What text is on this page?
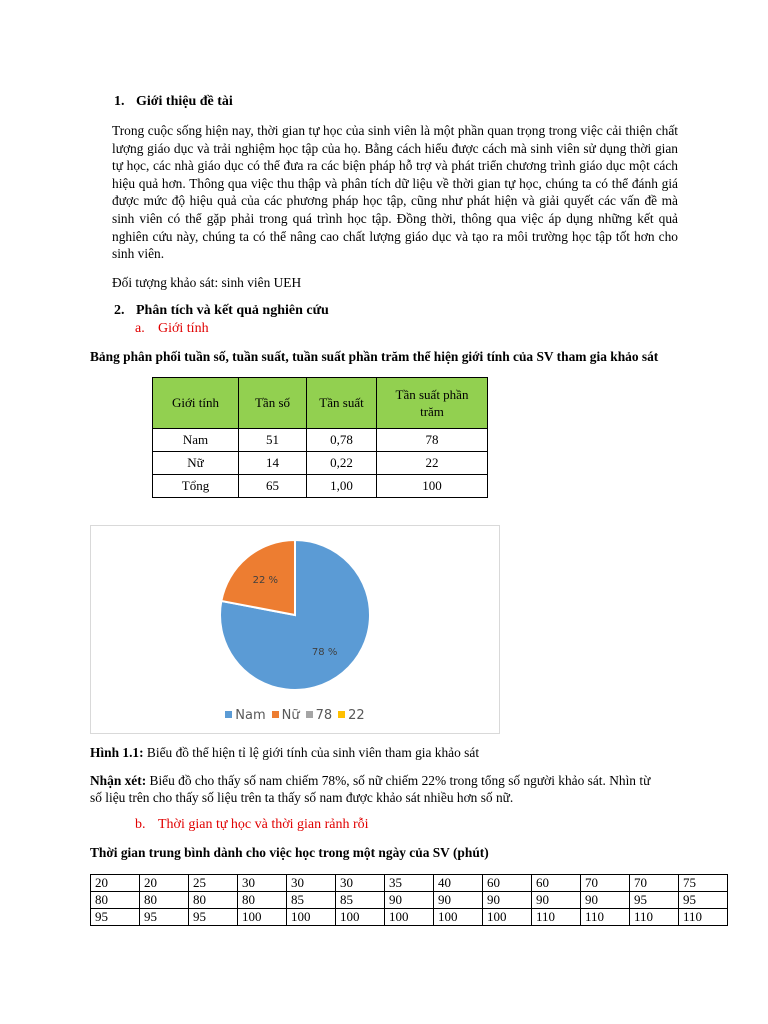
1. Giới thiệu đề tài
Trong cuộc sống hiện nay, thời gian tự học của sinh viên là một phần quan trọng trong việc cải thiện chất lượng giáo dục và trải nghiệm học tập của họ. Bằng cách hiểu được cách mà sinh viên sử dụng thời gian tự học, các nhà giáo dục có thể đưa ra các biện pháp hỗ trợ và phát triển chương trình giáo dục một cách hiệu quả hơn. Thông qua việc thu thập và phân tích dữ liệu về thời gian tự học, chúng ta có thể đánh giá được mức độ hiệu quả của các phương pháp học tập, cũng như phát hiện và giải quyết các vấn đề mà sinh viên có thể gặp phải trong quá trình học tập. Đồng thời, thông qua việc áp dụng những kết quả nghiên cứu này, chúng ta có thể nâng cao chất lượng giáo dục và tạo ra môi trường học tập tốt hơn cho sinh viên.
Đối tượng khảo sát: sinh viên UEH
2. Phân tích và kết quả nghiên cứu
a. Giới tính
Bảng phân phối tuần số, tuần suất, tuần suất phần trăm thể hiện giới tính của SV tham gia khảo sát
Giới tính	Tần số	Tần suất	Tần suất phần trăm

Nam	51	0,78	78
Nữ	14	0,22	22
Tổng	65	1,00	100
78 %
22 %
Nam Nữ 78 22
Hình 1.1: Biểu đồ thể hiện tỉ lệ giới tính của sinh viên tham gia khảo sát
Nhận xét: Biểu đồ cho thấy số nam chiếm 78%, số nữ chiếm 22% trong tổng số người khảo sát. Nhìn từ
số liệu trên cho thấy số liệu trên ta thấy số nam được khảo sát nhiều hơn số nữ.
b. Thời gian tự học và thời gian rảnh rỗi
Thời gian trung bình dành cho việc học trong một ngày của SV (phút)
20	20	25	30	30	30	35	40	60	60	70	70	75
80	80	80	80	85	85	90	90	90	90	90	95	95
95	95	95	100	100	100	100	100	100	110	110	110	110
